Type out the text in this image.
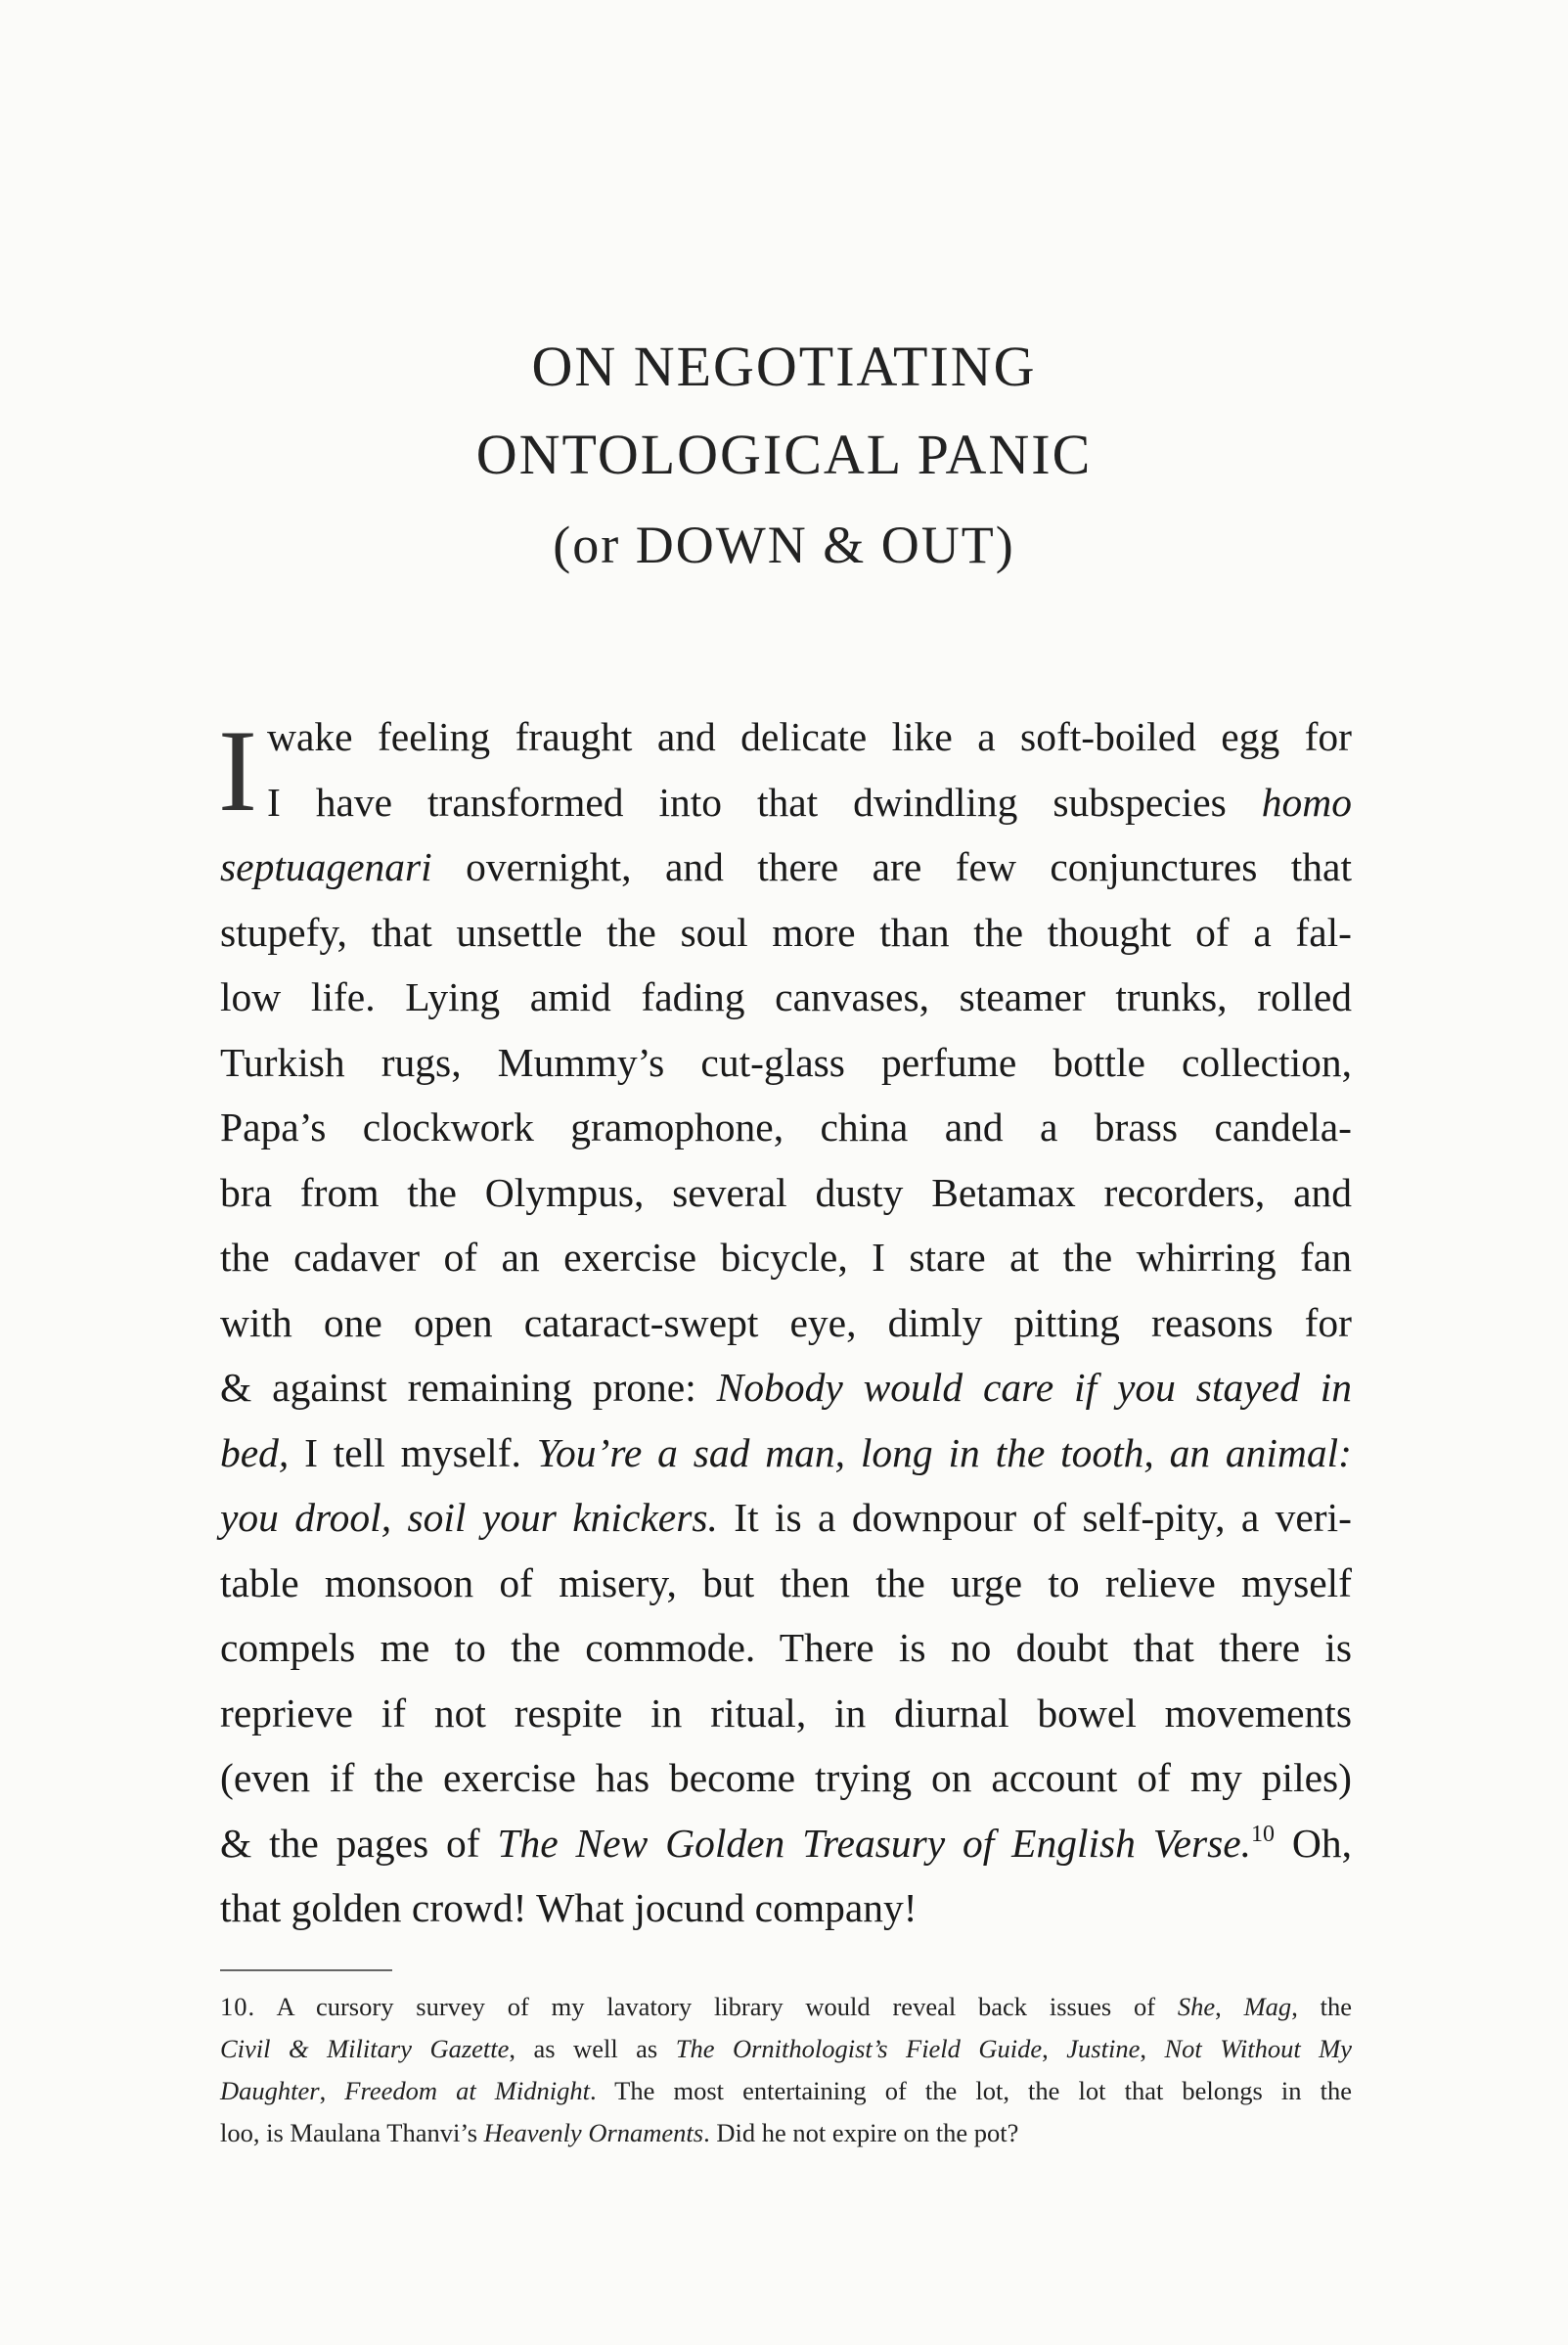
ON NEGOTIATING
ONTOLOGICAL PANIC
(or DOWN & OUT)
I wake feeling fraught and delicate like a soft-boiled egg for
I have transformed into that dwindling subspecies homo
septuagenari overnight, and there are few conjunctures that
stupefy, that unsettle the soul more than the thought of a fal-
low life. Lying amid fading canvases, steamer trunks, rolled
Turkish rugs, Mummy’s cut-glass perfume bottle collection,
Papa’s clockwork gramophone, china and a brass candela-
bra from the Olympus, several dusty Betamax recorders, and
the cadaver of an exercise bicycle, I stare at the whirring fan
with one open cataract-swept eye, dimly pitting reasons for
& against remaining prone: Nobody would care if you stayed in
bed, I tell myself. You’re a sad man, long in the tooth, an animal:
you drool, soil your knickers. It is a downpour of self-pity, a veri-
table monsoon of misery, but then the urge to relieve myself
compels me to the commode. There is no doubt that there is
reprieve if not respite in ritual, in diurnal bowel movements
(even if the exercise has become trying on account of my piles)
& the pages of The New Golden Treasury of English Verse.$^{10}$ Oh,
that golden crowd! What jocund company!
10. A cursory survey of my lavatory library would reveal back issues of She, Mag, the
Civil & Military Gazette, as well as The Ornithologist’s Field Guide, Justine, Not Without My
Daughter, Freedom at Midnight. The most entertaining of the lot, the lot that belongs in the
loo, is Maulana Thanvi’s Heavenly Ornaments. Did he not expire on the pot?
